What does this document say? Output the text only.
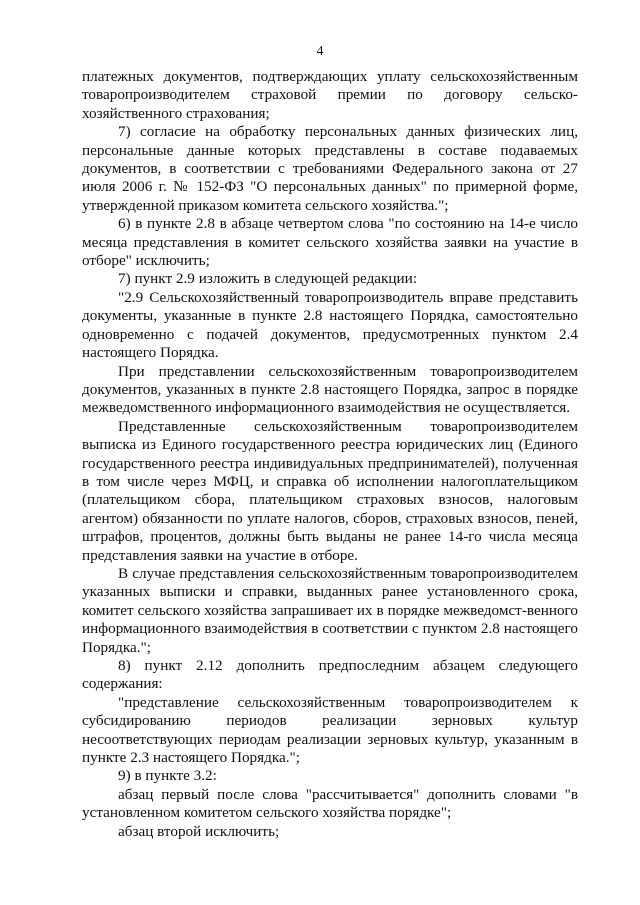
4

платежных документов, подтверждающих уплату сельскохозяйственным товаропроизводителем страховой премии по договору сельско-хозяйственного страхования;

7) согласие на обработку персональных данных физических лиц, персональные данные которых представлены в составе подаваемых документов, в соответствии с требованиями Федерального закона от 27 июля 2006 г. № 152-ФЗ "О персональных данных" по примерной форме, утвержденной приказом комитета сельского хозяйства.";

6) в пункте 2.8 в абзаце четвертом слова "по состоянию на 14-е число месяца представления в комитет сельского хозяйства заявки на участие в отборе" исключить;

7) пункт 2.9 изложить в следующей редакции:

"2.9 Сельскохозяйственный товаропроизводитель вправе представить документы, указанные в пункте 2.8 настоящего Порядка, самостоятельно одновременно с подачей документов, предусмотренных пунктом 2.4 настоящего Порядка.

При представлении сельскохозяйственным товаропроизводителем документов, указанных в пункте 2.8 настоящего Порядка, запрос в порядке межведомственного информационного взаимодействия не осуществляется.

Представленные сельскохозяйственным товаропроизводителем выписка из Единого государственного реестра юридических лиц (Единого государственного реестра индивидуальных предпринимателей), полученная в том числе через МФЦ, и справка об исполнении налогоплательщиком (плательщиком сбора, плательщиком страховых взносов, налоговым агентом) обязанности по уплате налогов, сборов, страховых взносов, пеней, штрафов, процентов, должны быть выданы не ранее 14-го числа месяца представления заявки на участие в отборе.

В случае представления сельскохозяйственным товаропроизводителем указанных выписки и справки, выданных ранее установленного срока, комитет сельского хозяйства запрашивает их в порядке межведомст-венного информационного взаимодействия в соответствии с пунктом 2.8 настоящего Порядка.";

8) пункт 2.12 дополнить предпоследним абзацем следующего содержания:

"представление сельскохозяйственным товаропроизводителем к субсидированию периодов реализации зерновых культур несоответствующих периодам реализации зерновых культур, указанным в пункте 2.3 настоящего Порядка.";

9) в пункте 3.2:

абзац первый после слова "рассчитывается" дополнить словами "в установленном комитетом сельского хозяйства порядке";

абзац второй исключить;
